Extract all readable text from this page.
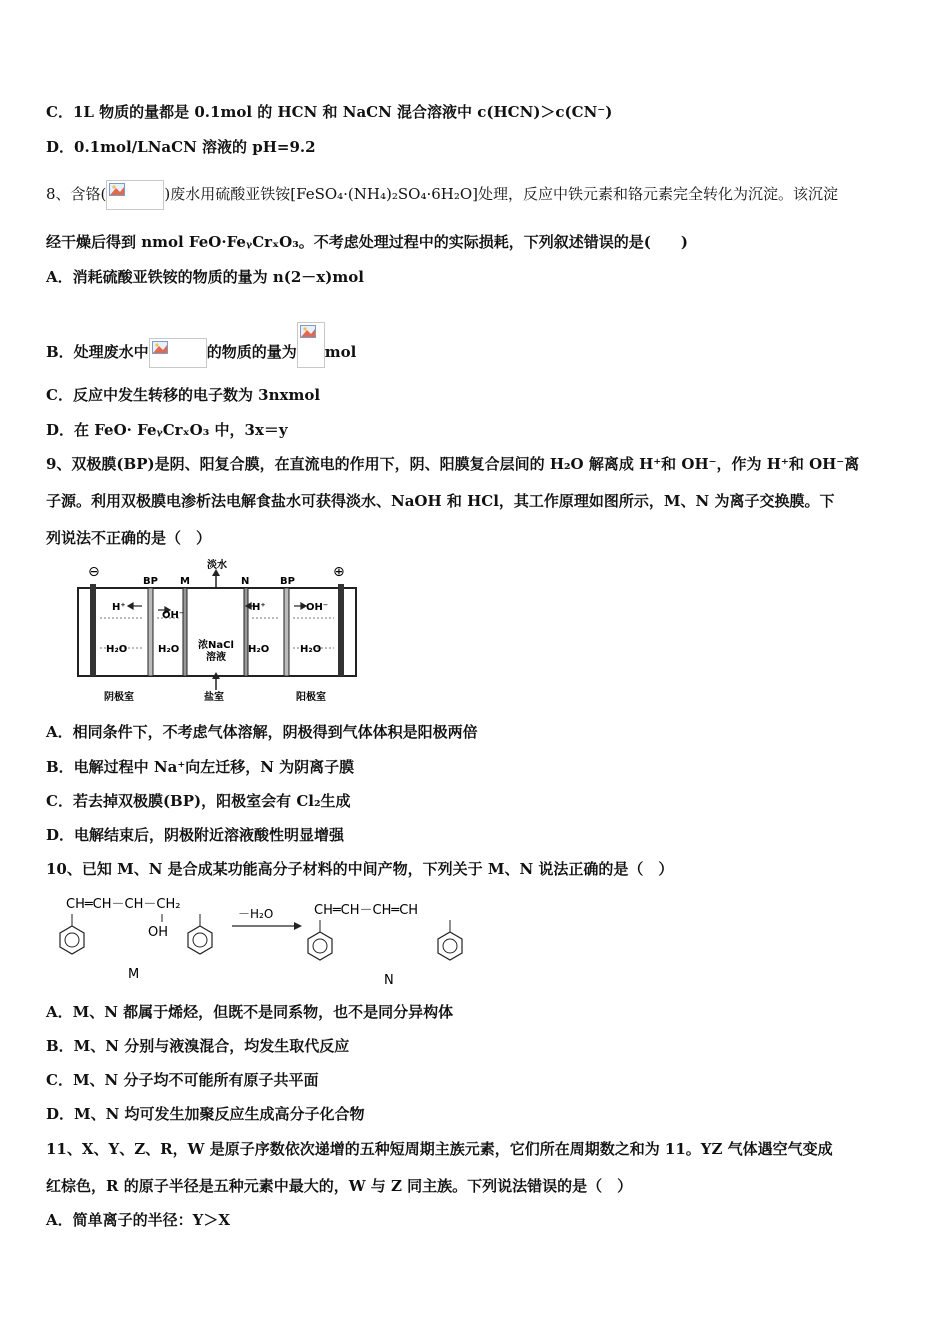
C．1L 物质的量都是 0.1mol 的 HCN 和 NaCN 混合溶液中 c(HCN)＞c(CN⁻)
D．0.1mol/LNaCN 溶液的 pH=9.2
8、含铬(	)废水用硫酸亚铁铵[FeSO₄·(NH₄)₂SO₄·6H₂O]处理，反应中铁元素和铬元素完全转化为沉淀。该沉淀
经干燥后得到 nmol FeO·FeᵧCrₓO₃。不考虑处理过程中的实际损耗，下列叙述错误的是(　　)
A．消耗硫酸亚铁铵的物质的量为 n(2－x)mol
B．处理废水中	的物质的量为 mol
C．反应中发生转移的电子数为 3nxmol
D．在 FeO· FeᵧCrₓO₃ 中，3x＝y
9、双极膜(BP)是阴、阳复合膜，在直流电的作用下，阴、阳膜复合层间的 H₂O 解离成 H⁺和 OH⁻，作为 H⁺和 OH⁻离
子源。利用双极膜电渗析法电解食盐水可获得淡水、NaOH 和 HCl，其工作原理如图所示，M、N 为离子交换膜。下
列说法不正确的是（　）
⊖	⊕
BP M
淡水
N	BP
H⁺
OH⁻
H⁺	OH⁻
H₂O	H₂O	H₂O	H₂O
浓NaCl
溶液
阴极室	盐室	阳极室
A．相同条件下，不考虑气体溶解，阴极得到气体体积是阳极两倍
B．电解过程中 Na⁺向左迁移，N 为阴离子膜
C．若去掉双极膜(BP)，阳极室会有 Cl₂生成
D．电解结束后，阴极附近溶液酸性明显增强
10、已知 M、N 是合成某功能高分子材料的中间产物，下列关于 M、N 说法正确的是（　）
CH═CH－CH－CH₂
OH
－H₂O	CH═CH－CH═CH
M	N
A．M、N 都属于烯烃，但既不是同系物，也不是同分异构体
B．M、N 分别与液溴混合，均发生取代反应
C．M、N 分子均不可能所有原子共平面
D．M、N 均可发生加聚反应生成高分子化合物
11、X、Y、Z、R，W 是原子序数依次递增的五种短周期主族元素，它们所在周期数之和为 11。YZ 气体遇空气变成
红棕色，R 的原子半径是五种元素中最大的，W 与 Z 同主族。下列说法错误的是（　）
A．简单离子的半径：Y＞X
